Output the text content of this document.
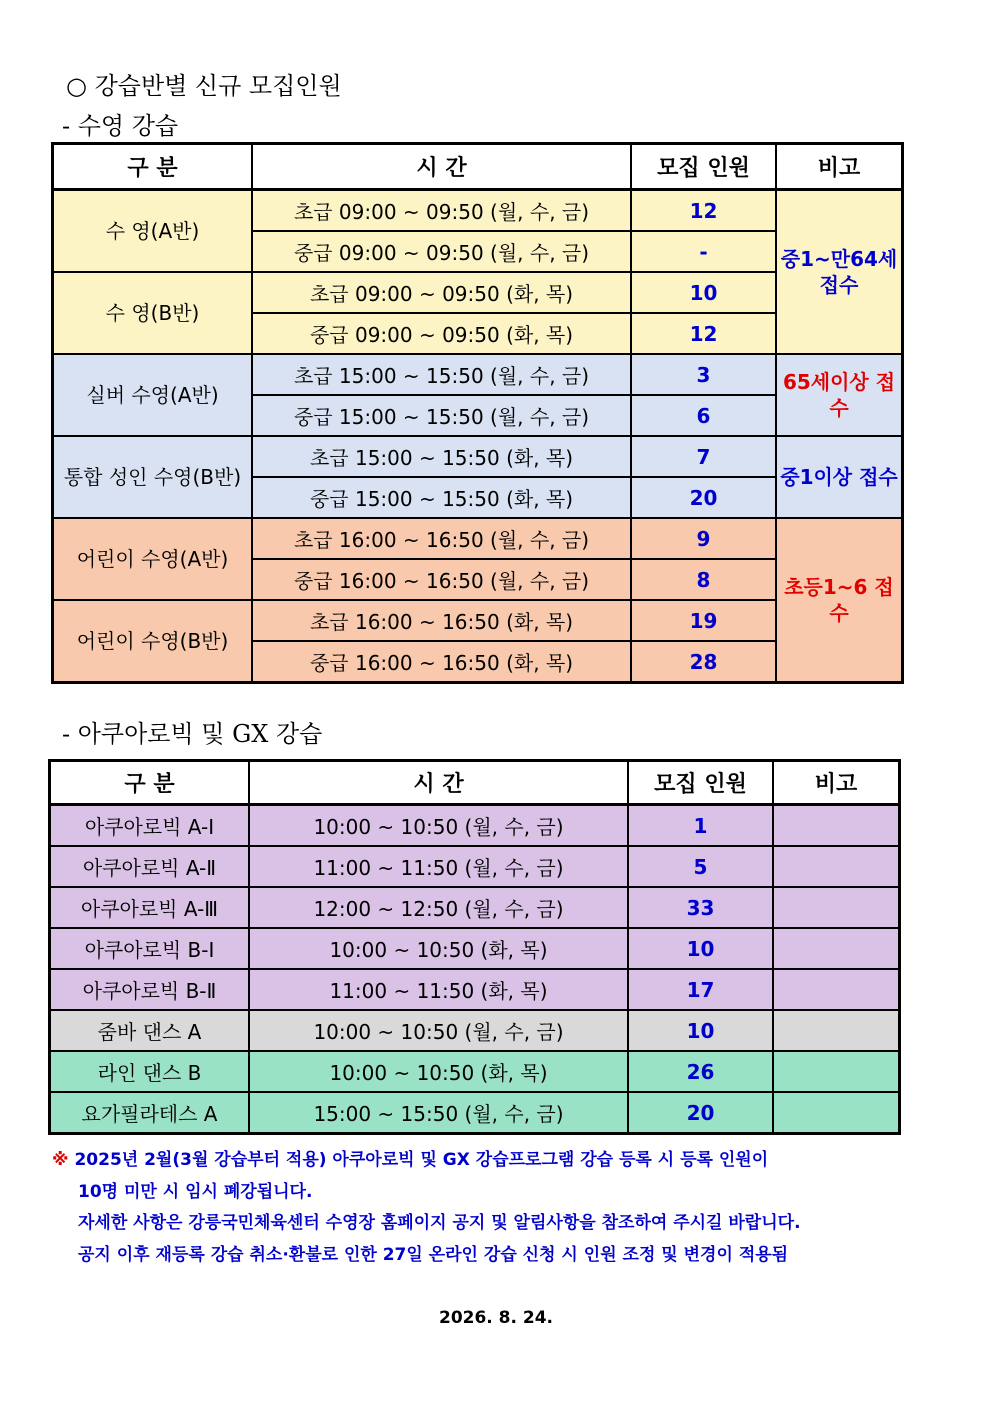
○ 강습반별 신규 모집인원
- 수영 강습
구 분	시 간	모집 인원	비고
수 영(A반)	초급 09:00 ~ 09:50 (월, 수, 금)	12	중1~만64세 접수
	중급 09:00 ~ 09:50 (월, 수, 금)	-	
수 영(B반)	초급 09:00 ~ 09:50 (화, 목)	10	
	중급 09:00 ~ 09:50 (화, 목)	12	
실버 수영(A반)	초급 15:00 ~ 15:50 (월, 수, 금)	3	65세이상 접수
	중급 15:00 ~ 15:50 (월, 수, 금)	6	
통합 성인 수영(B반)	초급 15:00 ~ 15:50 (화, 목)	7	중1이상 접수
	중급 15:00 ~ 15:50 (화, 목)	20	
어린이 수영(A반)	초급 16:00 ~ 16:50 (월, 수, 금)	9	초등1~6 접수
	중급 16:00 ~ 16:50 (월, 수, 금)	8	
어린이 수영(B반)	초급 16:00 ~ 16:50 (화, 목)	19	
	중급 16:00 ~ 16:50 (화, 목)	28	
- 아쿠아로빅 및 GX 강습
구 분	시 간	모집 인원	비고
아쿠아로빅 A-Ⅰ	10:00 ~ 10:50 (월, 수, 금)	1	
아쿠아로빅 A-Ⅱ	11:00 ~ 11:50 (월, 수, 금)	5	
아쿠아로빅 A-Ⅲ	12:00 ~ 12:50 (월, 수, 금)	33	
아쿠아로빅 B-Ⅰ	10:00 ~ 10:50 (화, 목)	10	
아쿠아로빅 B-Ⅱ	11:00 ~ 11:50 (화, 목)	17	
줌바 댄스 A	10:00 ~ 10:50 (월, 수, 금)	10	
라인 댄스 B	10:00 ~ 10:50 (화, 목)	26	
요가필라테스 A	15:00 ~ 15:50 (월, 수, 금)	20	
※ 2025년 2월(3월 강습부터 적용) 아쿠아로빅 및 GX 강습프로그램 강습 등록 시 등록 인원이
10명 미만 시 임시 폐강됩니다.
자세한 사항은 강릉국민체육센터 수영장 홈페이지 공지 및 알림사항을 참조하여 주시길 바랍니다.
공지 이후 재등록 강습 취소·환불로 인한 27일 온라인 강습 신청 시 인원 조정 및 변경이 적용됨
2026. 8. 24.
